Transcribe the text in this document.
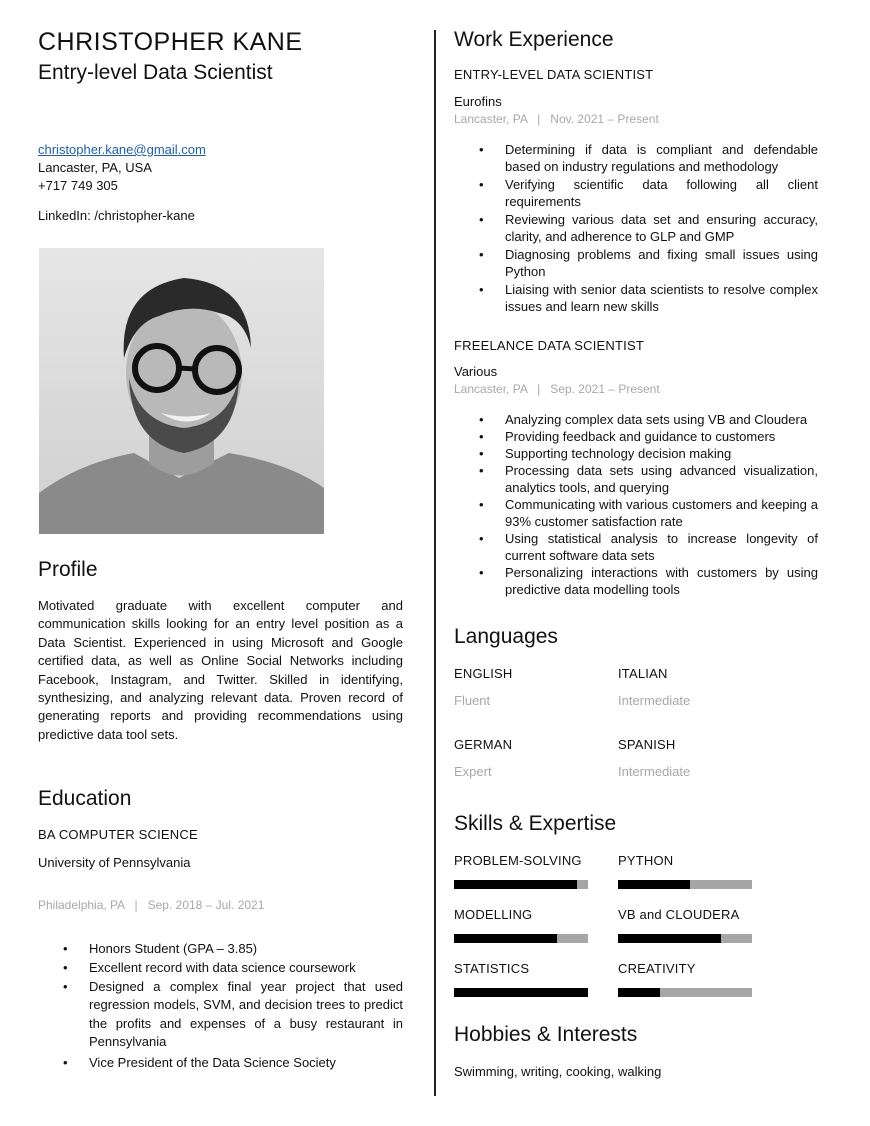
CHRISTOPHER KANE
Entry-level Data Scientist
christopher.kane@gmail.com
Lancaster, PA, USA
+717 749 305
LinkedIn: /christopher-kane
Profile
Motivated graduate with excellent computer and communication skills looking for an entry level position as a Data Scientist. Experienced in using Microsoft and Google certified data, as well as Online Social Networks including Facebook, Instagram, and Twitter. Skilled in identifying, synthesizing, and analyzing relevant data. Proven record of generating reports and providing recommendations using predictive data tool sets.
Education
BA COMPUTER SCIENCE
University of Pennsylvania
Philadelphia, PA   |   Sep. 2018 – Jul. 2021
• Honors Student (GPA – 3.85)
• Excellent record with data science coursework
• Designed a complex final year project that used regression models, SVM, and decision trees to predict the profits and expenses of a busy restaurant in Pennsylvania
• Vice President of the Data Science Society
Work Experience
ENTRY-LEVEL DATA SCIENTIST
Eurofins
Lancaster, PA   |   Nov. 2021 – Present
• Determining if data is compliant and defendable based on industry regulations and methodology
• Verifying scientific data following all client requirements
• Reviewing various data set and ensuring accuracy, clarity, and adherence to GLP and GMP
• Diagnosing problems and fixing small issues using Python
• Liaising with senior data scientists to resolve complex issues and learn new skills
FREELANCE DATA SCIENTIST
Various
Lancaster, PA   |   Sep. 2021 – Present
• Analyzing complex data sets using VB and Cloudera
• Providing feedback and guidance to customers
• Supporting technology decision making
• Processing data sets using advanced visualization, analytics tools, and querying
• Communicating with various customers and keeping a 93% customer satisfaction rate
• Using statistical analysis to increase longevity of current software data sets
• Personalizing interactions with customers by using predictive data modelling tools
Languages
ENGLISH
Fluent
ITALIAN
Intermediate
GERMAN
Expert
SPANISH
Intermediate
Skills & Expertise
PROBLEM-SOLVING	PYTHON
MODELLING	VB and CLOUDERA
STATISTICS	CREATIVITY
Hobbies & Interests
Swimming, writing, cooking, walking
